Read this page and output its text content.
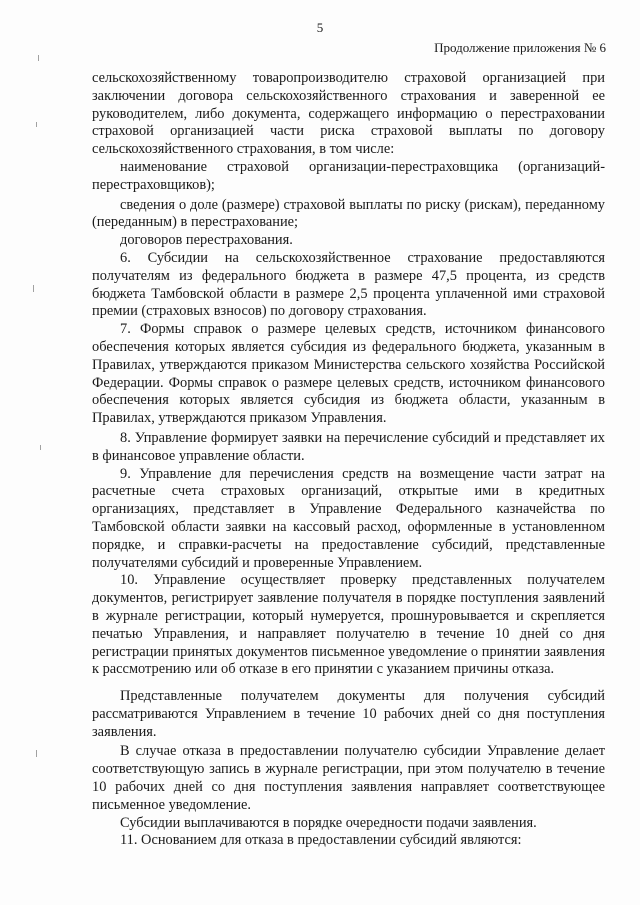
5
Продолжение приложения № 6

сельскохозяйственному товаропроизводителю страховой организацией при заключении договора сельскохозяйственного страхования и заверенной ее руководителем, либо документа, содержащего информацию о перестраховании страховой организацией части риска страховой выплаты по договору сельскохозяйственного страхования, в том числе:

наименование страховой организации-перестраховщика (организаций-перестраховщиков);

сведения о доле (размере) страховой выплаты по риску (рискам), переданному (переданным) в перестрахование;

договоров перестрахования.

6. Субсидии на сельскохозяйственное страхование предоставляются получателям из федерального бюджета в размере 47,5 процента, из средств бюджета Тамбовской области в размере 2,5 процента уплаченной ими страховой премии (страховых взносов) по договору страхования.

7. Формы справок о размере целевых средств, источником финансового обеспечения которых является субсидия из федерального бюджета, указанным в Правилах, утверждаются приказом Министерства сельского хозяйства Российской Федерации. Формы справок о размере целевых средств, источником финансового обеспечения которых является субсидия из бюджета области, указанным в Правилах, утверждаются приказом Управления.

8. Управление формирует заявки на перечисление субсидий и представляет их в финансовое управление области.

9. Управление для перечисления средств на возмещение части затрат на расчетные счета страховых организаций, открытые ими в кредитных организациях, представляет в Управление Федерального казначейства по Тамбовской области заявки на кассовый расход, оформленные в установленном порядке, и справки-расчеты на предоставление субсидий, представленные получателями субсидий и проверенные Управлением.

10. Управление осуществляет проверку представленных получателем документов, регистрирует заявление получателя в порядке поступления заявлений в журнале регистрации, который нумеруется, прошнуровывается и скрепляется печатью Управления, и направляет получателю в течение 10 дней со дня регистрации принятых документов письменное уведомление о принятии заявления к рассмотрению или об отказе в его принятии с указанием причины отказа.

Представленные получателем документы для получения субсидий рассматриваются Управлением в течение 10 рабочих дней со дня поступления заявления.

В случае отказа в предоставлении получателю субсидии Управление делает соответствующую запись в журнале регистрации, при этом получателю в течение 10 рабочих дней со дня поступления заявления направляет соответствующее письменное уведомление.

Субсидии выплачиваются в порядке очередности подачи заявления.

11. Основанием для отказа в предоставлении субсидий являются:
